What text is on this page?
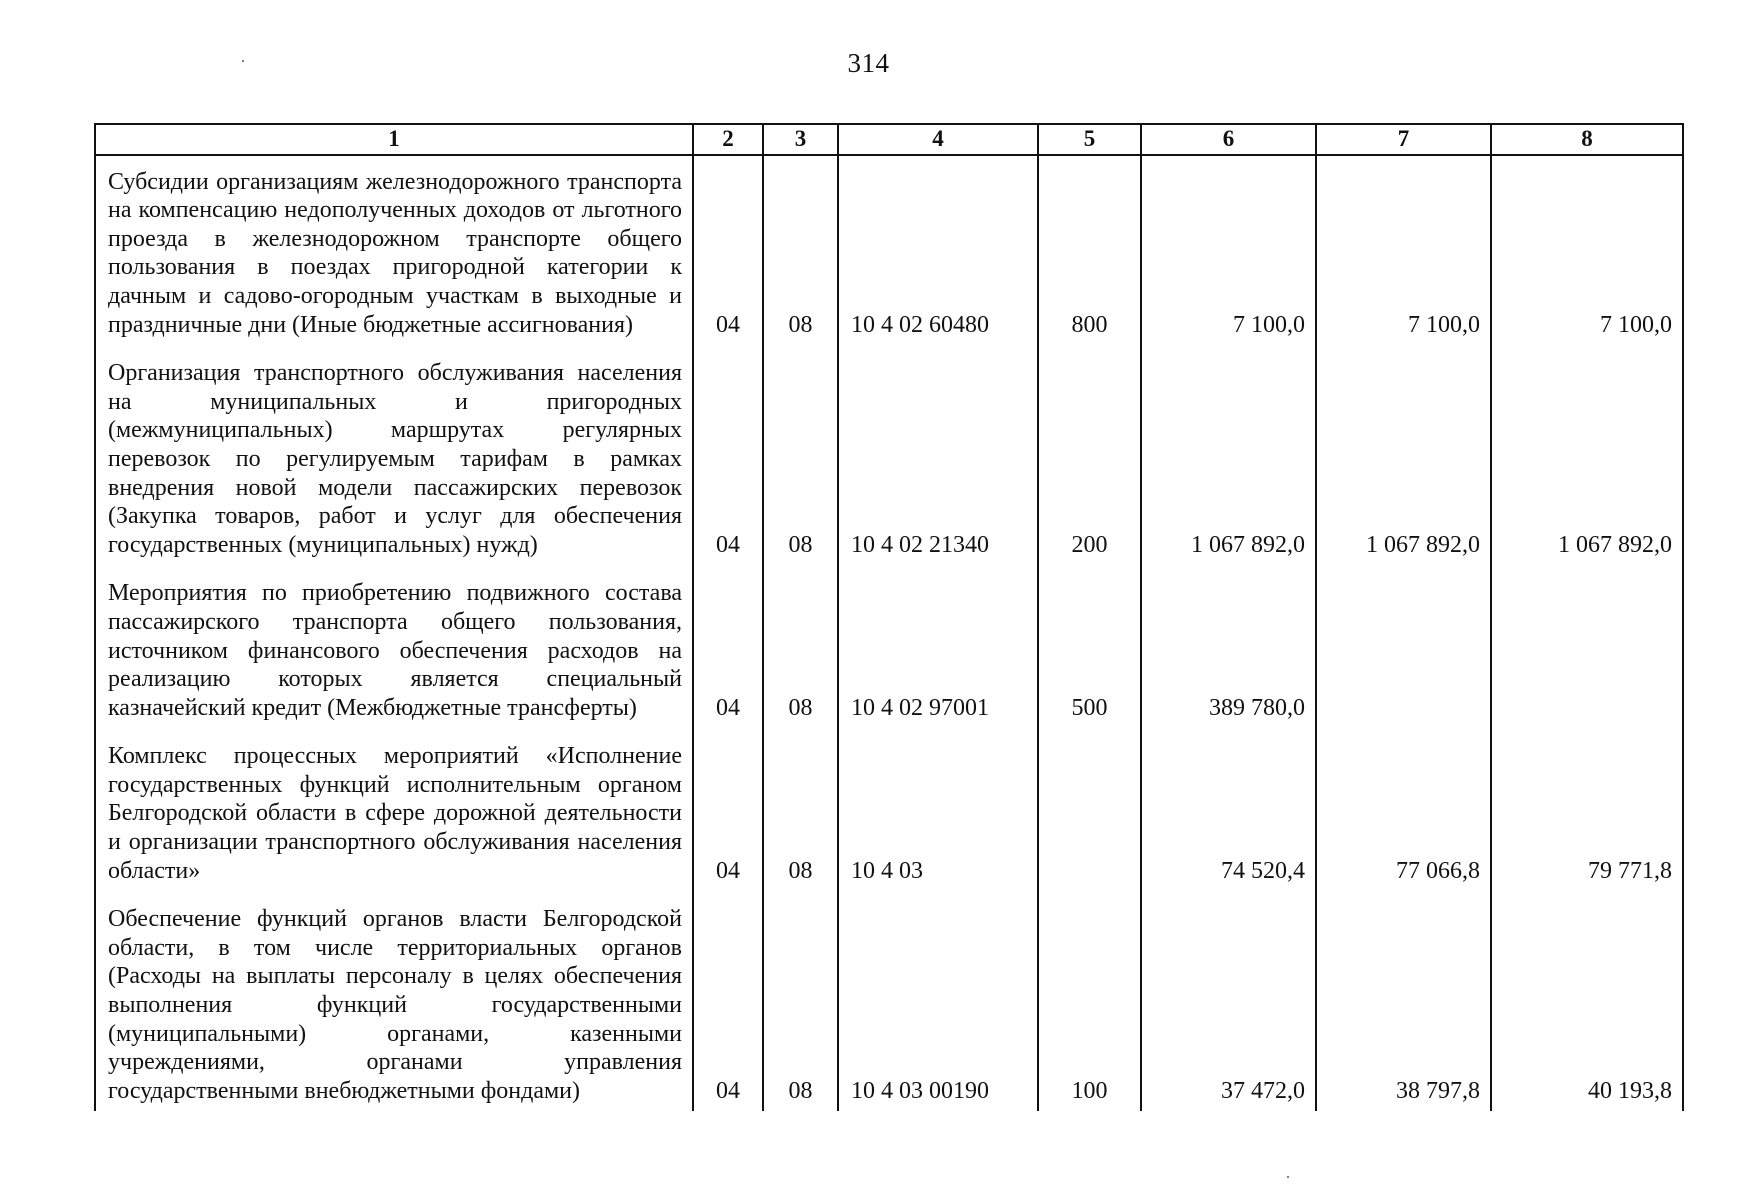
314
1	2	3	4	5	6	7	8
Субсидии организациям железнодорожного транспорта на компенсацию недополученных доходов от льготного проезда в железнодорожном транспорте общего пользования в поездах пригородной категории к дачным и садово-огородным участкам в выходные и праздничные дни (Иные бюджетные ассигнования)	04	08	10 4 02 60480	800	7 100,0	7 100,0	7 100,0
Организация транспортного обслуживания населения на муниципальных и пригородных (межмуниципальных) маршрутах регулярных перевозок по регулируемым тарифам в рамках внедрения новой модели пассажирских перевозок (Закупка товаров, работ и услуг для обеспечения государственных (муниципальных) нужд)	04	08	10 4 02 21340	200	1 067 892,0	1 067 892,0	1 067 892,0
Мероприятия по приобретению подвижного состава пассажирского транспорта общего пользования, источником финансового обеспечения расходов на реализацию которых является специальный казначейский кредит (Межбюджетные трансферты)	04	08	10 4 02 97001	500	389 780,0		
Комплекс процессных мероприятий «Исполнение государственных функций исполнительным органом Белгородской области в сфере дорожной деятельности и организации транспортного обслуживания населения области»	04	08	10 4 03		74 520,4	77 066,8	79 771,8
Обеспечение функций органов власти Белгородской области, в том числе территориальных органов (Расходы на выплаты персоналу в целях обеспечения выполнения функций государственными (муниципальными) органами, казенными учреждениями, органами управления государственными внебюджетными фондами)	04	08	10 4 03 00190	100	37 472,0	38 797,8	40 193,8
